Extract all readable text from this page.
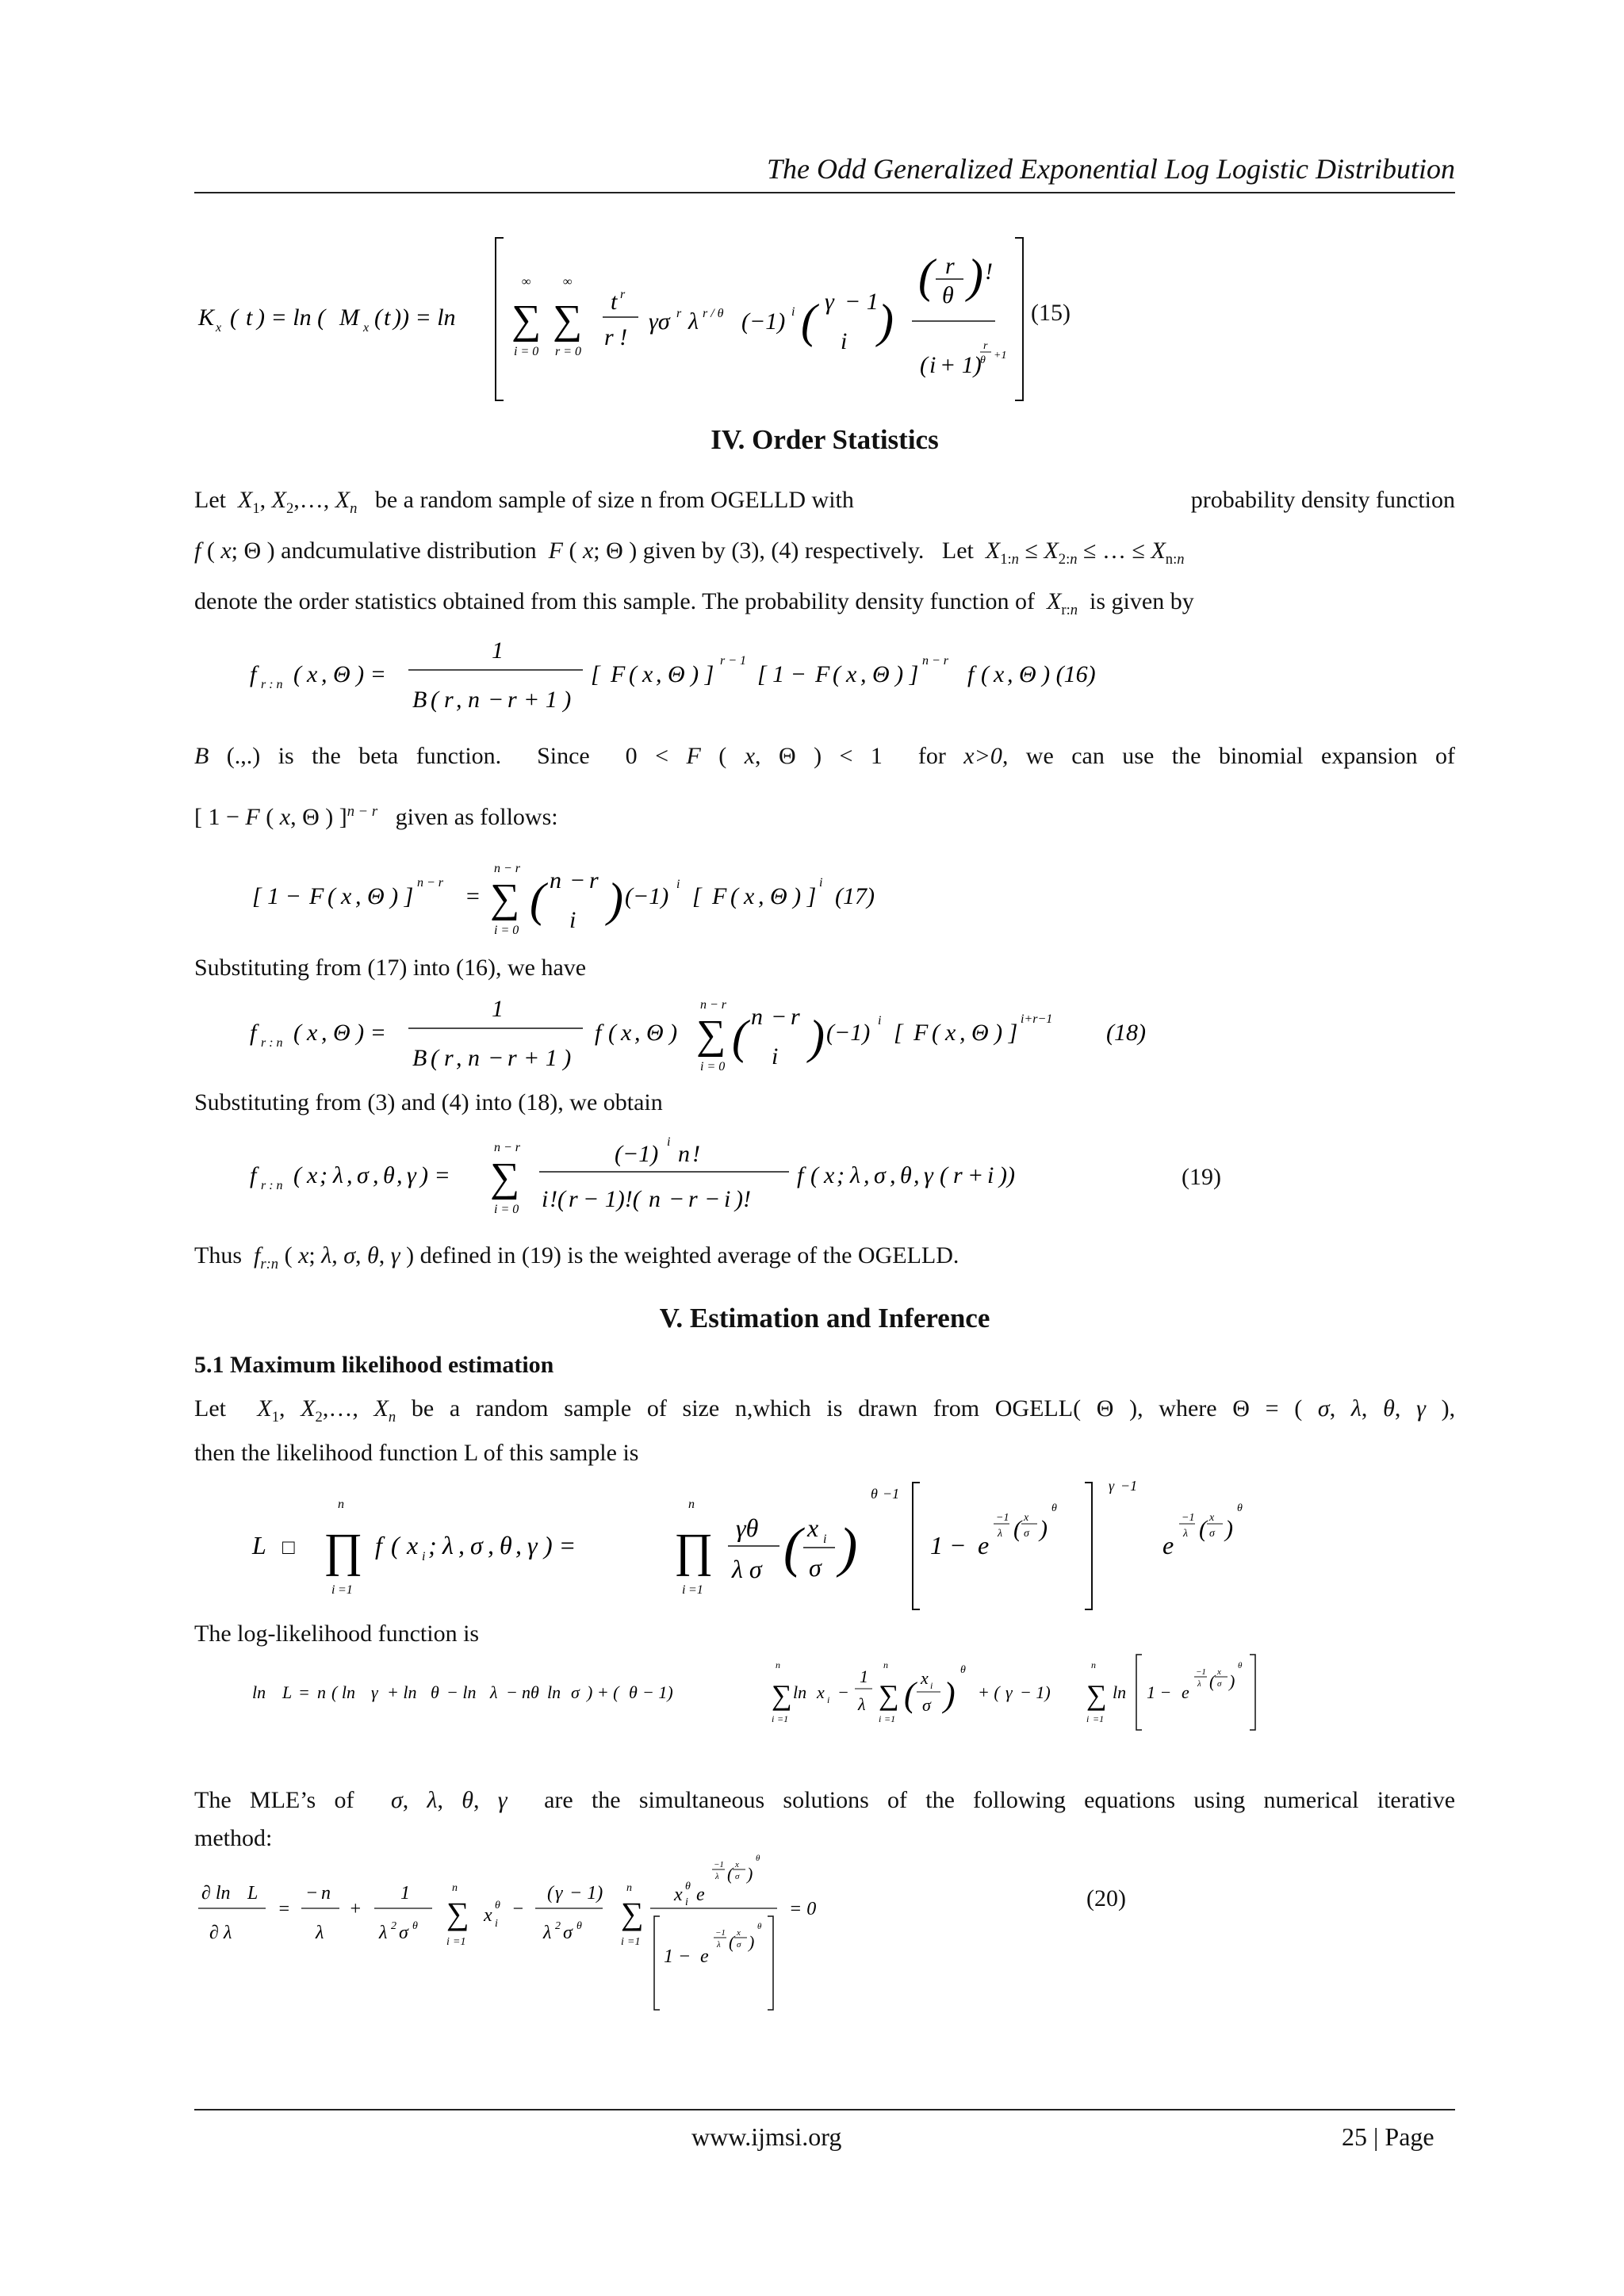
The Odd Generalized Exponential Log Logistic Distribution
K x ( t ) = ln ( M x ( t )) = ln
∞	∞
∑ ∑
i = 0 r = 0
t r
r !
γσ r λ r / θ (−1) i ( γ − 1
i )
( r
θ ) !
( i + 1)
r
θ +1
(15)
IV. Order Statistics
Let $X_1$, $X_2,\dots$, $X_n$ be a random sample of size n from OGELLD with	probability density function
f ( x; Θ ) andcumulative distribution F ( x; Θ ) given by (3), (4) respectively. Let $X_{1:n} \le X_{2:n}$ ≤ … ≤ $X_{n:n}$
denote the order statistics obtained from this sample. The probability density function of $X_{r:n}$ is given by
f r : n ( x , Θ ) =
1
B ( r , n − r + 1 )
[ F ( x , Θ ) ]
r − 1
[ 1 − F ( x , Θ ) ]
n − r
f ( x , Θ ) (16)
B (.,.) is the beta function. Since  0 < F ( x, Θ ) < 1  for x>0, we can use the binomial expansion of
[ 1 − F ( x, Θ ) ]$^{n - r}$ given as follows:
[ 1 − F ( x , Θ ) ]
n − r
=
n − r
∑
i = 0
( n − r
i ) (−1) i [ F ( x , Θ ) ]
i
(17)
Substituting from (17) into (16), we have
f r : n ( x , Θ ) =
1
B ( r , n − r + 1 )
f ( x , Θ )
n − r
∑
i = 0
( n − r
i ) (−1) i [ F ( x , Θ ) ]
i+r−1
(18)
Substituting from (3) and (4) into (18), we obtain
f r : n ( x ; λ , σ , θ , γ ) =
n − r
∑
i = 0
(−1) i n !
i !( r − 1)!( n − r − i )!
f ( x ; λ , σ , θ , γ ( r + i ))	(19)
Thus $f_{r:n}$ ( x; λ, σ, θ, γ ) defined in (19) is the weighted average of the OGELLD.
V. Estimation and Inference
5.1 Maximum likelihood estimation
Let $X_1$, $X_2,\dots$, $X_n$ be a random sample of size n,which is drawn from OGELL( Θ ), where Θ = ( σ, λ, θ, γ ),
then the likelihood function L of this sample is
L □
n
∏
i =1
f ( x i ; λ , σ , θ , γ ) =
n
∏
i =1
γθ
λ σ ( x i
σ )
θ −1
1 − e
−1
λ ( x
σ )
θ
γ −1
e
−1
λ ( x
σ )
θ
The log-likelihood function is
ln L = n ( ln γ + ln θ − ln λ − nθ ln σ ) + ( θ − 1)
n
∑
i =1
ln x i −
1
λ
n
∑
i =1
( x i
σ )
θ
+ ( γ − 1)
n
∑
i =1
ln 1 − e
−1
λ ( x
σ )
θ
The MLE’s of σ, λ, θ, γ are the simultaneous solutions of the following equations using numerical iterative
method:
∂ ln L
∂ λ
=
− n
λ
+
1
λ 2 σ θ
n
∑
i =1
x θ
i
−
( γ − 1)
λ 2 σ θ
n
∑
i =1
x θ
i e
−1
λ ( x
σ )
θ
1 − e
−1
λ ( x
σ )
θ
= 0	(20)
www.ijmsi.org	25 | Page
